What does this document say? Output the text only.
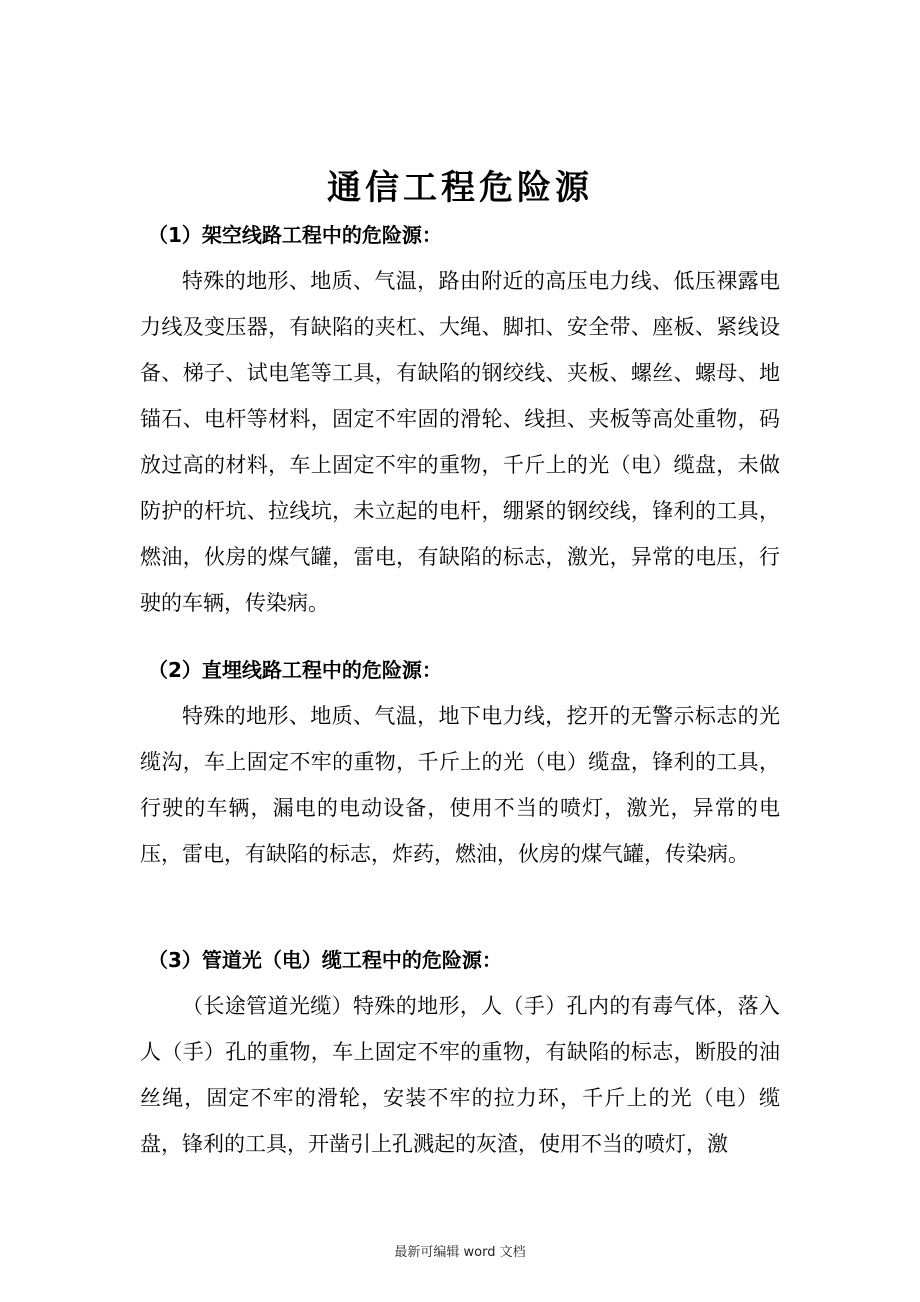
通信工程危险源
（1）架空线路工程中的危险源：

特殊的地形、地质、气温，路由附近的高压电力线、低压裸露电力线及变压器，有缺陷的夹杠、大绳、脚扣、安全带、座板、紧线设备、梯子、试电笔等工具，有缺陷的钢绞线、夹板、螺丝、螺母、地锚石、电杆等材料，固定不牢固的滑轮、线担、夹板等高处重物，码放过高的材料，车上固定不牢的重物，千斤上的光（电）缆盘，未做防护的杆坑、拉线坑，未立起的电杆，绷紧的钢绞线，锋利的工具，燃油，伙房的煤气罐，雷电，有缺陷的标志，激光，异常的电压，行驶的车辆，传染病。

（2）直埋线路工程中的危险源：

特殊的地形、地质、气温，地下电力线，挖开的无警示标志的光缆沟，车上固定不牢的重物，千斤上的光（电）缆盘，锋利的工具，行驶的车辆，漏电的电动设备，使用不当的喷灯，激光，异常的电压，雷电，有缺陷的标志，炸药，燃油，伙房的煤气罐，传染病。

（3）管道光（电）缆工程中的危险源：

（长途管道光缆）特殊的地形，人（手）孔内的有毒气体，落入人（手）孔的重物，车上固定不牢的重物，有缺陷的标志，断股的油丝绳，固定不牢的滑轮，安装不牢的拉力环，千斤上的光（电）缆盘，锋利的工具，开凿引上孔溅起的灰渣，使用不当的喷灯，激

最新可编辑 word 文档
